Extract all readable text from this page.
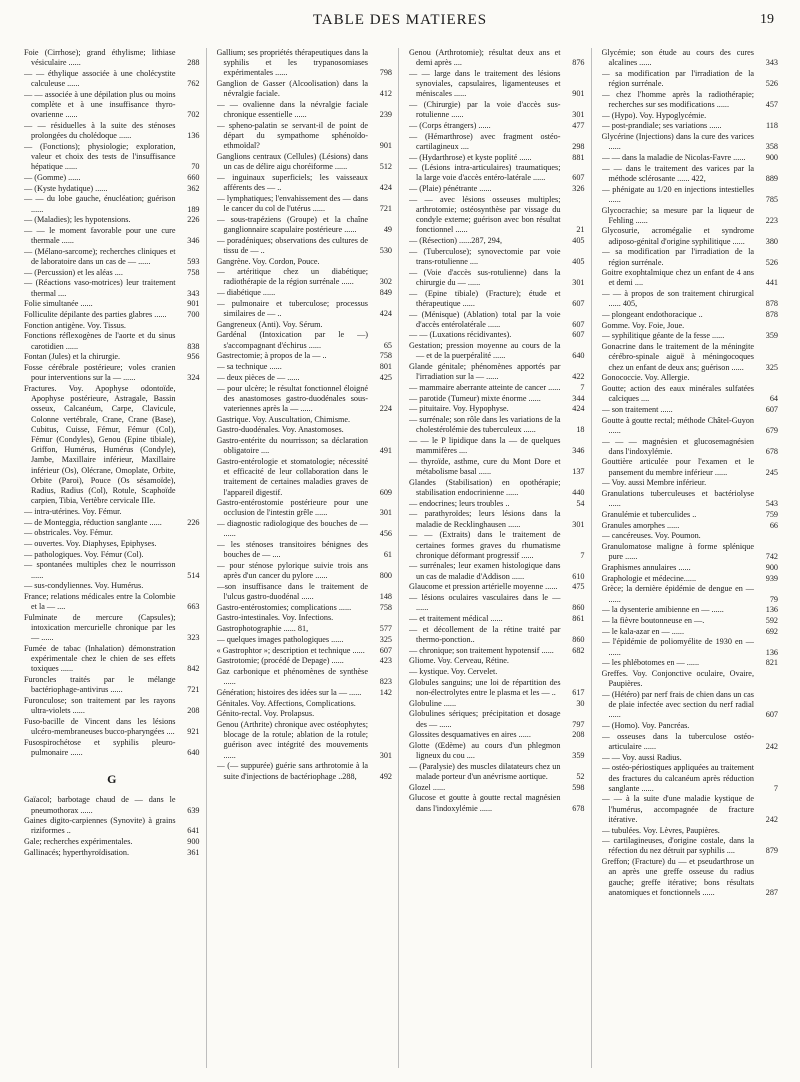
TABLE DES MATIERES	19
Foie (Cirrhose); grand éthylisme; lithiase vésiculaire ......	288
— — éthylique associée à une cholécystite calculeuse ......	762
— — associée à une dépilation plus ou moins complète et à une insuffisance thyro-ovarienne ......	702
— — résiduelles à la suite des sténoses prolongées du cholédoque ......	136
— (Fonctions); physiologie; exploration, valeur et choix des tests de l'insuffisance hépatique ......	70
— (Gomme) ......	660
— (Kyste hydatique) ......	362
— — du lobe gauche, énucléation; guérison ......	189
— (Maladies); les hypotensions.	226
— — le moment favorable pour une cure thermale ......	346
— (Mélano-sarcome); recherches cliniques et de laboratoire dans un cas de — ......	593
— (Percussion) et les aléas ....	758
— (Réactions vaso-motrices) leur traitement thermal ....	343
Folie simultanée ......	901
Folliculite dépilante des parties glabres ......	700
Fonction antigène. Voy. Tissus.
Fonctions réflexogènes de l'aorte et du sinus carotidien ......	838
Fontan (Jules) et la chirurgie.	956
Fosse cérébrale postérieure; voles cranien pour interventions sur la — ......	324
Fractures. Voy. Apophyse odontoïde, Apophyse postérieure, Astragale, Bassin osseux, Calcanéum, Carpe, Clavicule, Colonne vertébrale, Crane, Crane (Base), Cubitus, Cuisse, Fémur, Fémur (Col), Fémur (Condyles), Genou (Epine tibiale), Griffon, Humérus, Humérus (Condyle), Jambe, Maxillaire inférieur, Maxillaire inférieur (Os), Olécrane, Omoplate, Orbite, Orbite (Paroi), Pouce (Os sésamoïde), Radius, Radius (Col), Rotule, Scaphoïde carpien, Tibia, Vertèbre cervicale IIIe.
— intra-utérines. Voy. Fémur.
— de Monteggia, réduction sanglante ......	226
— obstricales. Voy. Fémur.
— ouvertes. Voy. Diaphyses, Epiphyses.
— pathologiques. Voy. Fémur (Col).
— spontanées multiples chez le nourrisson ......	514
— sus-condyliennes. Voy. Humérus.
France; relations médicales entre la Colombie et la — ....	663
Fulminate de mercure (Capsules); intoxication mercurielle chronique par les — ......	323
Fumée de tabac (Inhalation) démonstration expérimentale chez le chien de ses effets toxiques ......	842
Furoncles traités par le mélange bactériophage-antivirus ......	721
Furonculose; son traitement par les rayons ultra-violets ......	208
Fuso-bacille de Vincent dans les lésions ulcéro-membraneuses bucco-pharyngées .... 921
Fusospirochétose et syphilis pleuro-pulmonaire ......	640
G
Gaïacol; barbotage chaud de — dans le pneumothorax ......	639
Gaines digito-carpiennes (Synovite) à grains riziformes ..	641
Gale; recherches expérimentales.	900
Gallinacés; hyperthyroïdisation.	361
Gallium; ses propriétés thérapeutiques dans la syphilis et les trypanosomiases expérimentales ......	798
Ganglion de Gasser (Alcoolisation) dans la névralgie faciale.	412
— — ovalienne dans la névralgie faciale chronique essentielle ......	239
— spheno-palatin se servant-il de point de départ du sympathome sphénoïdo-ethmoïdal?	901
Ganglions centraux (Cellules) (Lésions) dans un cas de délire aigu choréiforme ......	512
— inguinaux superficiels; les vaisseaux afférents des — ..	424
— lymphatiques; l'envahissement des — dans le cancer du col de l'utérus ......	721
— sous-trapéziens (Groupe) et la chaîne ganglionnaire scapulaire postérieure ......	49
— poradéniques; observations des cultures de tissu de — ..	530
Gangrène. Voy. Cordon, Pouce.
— artéritique chez un diabétique; radiothérapie de la région surrénale ......	302
— diabétique ......	849
— pulmonaire et tuberculose; processus similaires de — ..	424
Gangreneux (Anti). Voy. Sérum.
Gardénal (Intoxication par le —) s'accompagnant d'échirus ......	65
Gastrectomie; à propos de la — ..	758
— sa technique ......	801
— deux pièces de — ......	425
— pour ulcère; le résultat fonctionnel éloigné des anastomoses gastro-duodénales sous-vateriennes après la — ......	224
Gastrique. Voy. Auscultation, Chimisme.
Gastro-duodénales. Voy. Anastomoses.
Gastro-entérite du nourrisson; sa déclaration obligatoire ....	491
Gastro-entérologie et stomatologie; nécessité et efficacité de leur collaboration dans le traitement de certaines maladies graves de l'appareil digestif.	609
Gastro-entérostomie postérieure pour une occlusion de l'intestin grêle ......	301
— diagnostic radiologique des bouches de — ......	456
— les sténoses transitoires bénignes des bouches de — ....	61
— pour sténose pylorique suivie trois ans après d'un cancer du pylore ......	800
—son insuffisance dans le traitement de l'ulcus gastro-duodénal ......	148
Gastro-entérostomies; complications ......	758
Gastro-intestinales. Voy. Infections.
Gastrophotographie ...... 81,	577
— quelques images pathologiques ......	325
« Gastrophtor »; description et technique ...... 607
Gastrotomie; (procédé de Depage) ......	423
Gaz carbonique et phénomènes de synthèse ......	823
Génération; histoires des idées sur la — ...... 142
Génitales. Voy. Affections, Complications.
Génito-rectal. Voy. Prolapsus.
Genou (Arthrite) chronique avec ostéophytes; blocage de la rotule; ablation de la rotule; guérison avec intégrité des mouvements ......	301
— (— suppurée) guérie sans arthrotomie à la suite d'injections de bactériophage ..288,	492
Genou (Arthrotomie); résultat deux ans et demi après ....	876
— — large dans le traitement des lésions synoviales, capsulaires, ligamenteuses et méniscales ......	901
— (Chirurgie) par la voie d'accès sus-rotulienne ......	301
— (Corps étrangers) ......	477
— (Hémarthrose) avec fragment ostéo-cartilagineux ....	298
— (Hydarthrose) et kyste poplité ......	881
— (Lésions intra-articulaires) traumatiques; la large voie d'accès entéro-latérale ......	607
— (Plaie) pénétrante ......	326
— — avec lésions osseuses multiples; arthrotomie; ostéosynthèse par vissage du condyle externe; guérison avec bon résultat fonctionnel ......	21
— (Résection) ......287, 294,	405
— (Tuberculose); synovectomie par voie trans-rotulienne ....	405
— (Voie d'accès sus-rotulienne) dans la chirurgie du — ......	301
— (Epine tibiale) (Fracture); étude et thérapeutique ......	607
— (Ménisque) (Ablation) total par la voie d'accès entérolatérale ......	607
— — (Luxations récidivantes).	607
Gestation; pression moyenne au cours de la — et de la puerpéralité ......	640
Glande génitale; phénomènes apportés par l'irradiation sur la — ......	422
— mammaire aberrante atteinte de cancer ...... 7
— parotide (Tumeur) mixte énorme ......	344
— pituitaire. Voy. Hypophyse.	424
— surrénale; son rôle dans les variations de la cholestérolémie des tuberculeux ......	18
— — le P lipidique dans la — de quelques mammifères ....	346
— thyroïde, asthme, cure du Mont Dore et métabolisme basal ......	137
Glandes (Stabilisation) en opothérapie; stabilisation endocrinienne ......	440
— endocrines; leurs troubles ..	54
— parathyroïdes; leurs lésions dans la maladie de Recklinghausen ......	301
— — (Extraits) dans le traitement de certaines formes graves du rhumatisme chronique déformant progressif ......	7
— surrénales; leur examen histologique dans un cas de maladie d'Addison ......	610
Glaucome et pression artérielle moyenne ...... 475
— lésions oculaires vasculaires dans le — ......	860
— et traitement médical ......	861
— et décollement de la rétine traité par thermo-ponction..	860
— chronique; son traitement hypotensif ...... 682
Gliome. Voy. Cerveau, Rétine.
— kystique. Voy. Cervelet.
Globules sanguins; une loi de répartition des non-électrolytes entre le plasma et les — .. 617
Globuline ......	30
Globulines sériques; précipitation et dosage des — ......	797
Glossites desquamatives en aires ......	208
Glotte (Œdème) au cours d'un phlegmon ligneux du cou ....	359
— (Paralysie) des muscles dilatateurs chez un malade porteur d'un anévrisme aortique.	52
Glozel ......	598
Glucose et goutte à goutte rectal magnésien dans l'indoxylémie ......	678
Glycémie; son étude au cours des cures alcalines ......	343
— sa modification par l'irradiation de la région surrénale.	526
— chez l'homme après la radiothérapie; recherches sur ses modifications ......	457
— (Hypo). Voy. Hypoglycémie.
— post-prandiale; ses variations ......	118
Glycérine (Injections) dans la cure des varices ......	358
— — dans la maladie de Nicolas-Favre ...... 900
— — dans le traitement des varices par la méthode sclérosante ...... 422,	889
— phénigate au 1/20 en injections intestielles ......	785
Glycocrachie; sa mesure par la liqueur de Fehling ......	223
Glycosurie, acromégalie et syndrome adiposo-génital d'origine syphilitique ......	380
— sa modification par l'irradiation de la région surrénale.	526
Goitre exophtalmique chez un enfant de 4 ans et demi ....	441
— — à propos de son traitement chirurgical ...... 405,	878
— plongeant endothoracique ..	878
Gomme. Voy. Foie, Joue.
— syphilitique géante de la fesse ......	359
Gonacrine dans le traitement de la méningite cérébro-spinale aiguë à méningocoques chez un enfant de deux ans; guérison ......	325
Gonococcie. Voy. Allergie.
Goutte; action des eaux minérales sulfatées calciques ....	64
— son traitement ......	607
Goutte à goutte rectal; méthode Châtel-Guyon ......	679
— — — magnésien et glucosemagnésien dans l'indoxylémie.	678
Gouttière articulée pour l'examen et le pansement du membre inférieur ......	245
— Voy. aussi Membre inférieur.
Granulations tuberculeuses et bactériolyse ......	543
Granulémie et tuberculides ..	759
Granules amorphes ......	66
— cancéreuses. Voy. Poumon.
Granulomatose maligne à forme splénique pure ......	742
Graphismes annulaires ......	900
Graphologie et médecine......	939
Grèce; la dernière épidémie de dengue en — ......	79
— la dysenterie amibienne en — ......	136
— la fièvre boutonneuse en —.	592
— le kala-azar en — ......	692
— l'épidémie de poliomyélite de 1930 en — ......	136
— les phlébotomes en — ......	821
Greffes. Voy. Conjonctive oculaire, Ovaire, Paupières.
— (Hétéro) par nerf frais de chien dans un cas de plaie infectée avec section du nerf radial ......	607
— (Homo). Voy. Pancréas.
— osseuses dans la tuberculose ostéo-articulaire ......	242
— — Voy. aussi Radius.
— ostéo-périostiques appliquées au traitement des fractures du calcanéum après réduction sanglante ......	7
— — à la suite d'une maladie kystique de l'humérus, accompagnée de fracture itérative.	242
— tubulées. Voy. Lèvres, Paupières.
— cartilagineuses, d'origine costale, dans la réfection du nez détruit par syphilis ....	879
Greffon; (Fracture) du — et pseudarthrose un an après une greffe osseuse du radius gauche; greffe itérative; bons résultats anatomiques et fonctionnels ......	287
